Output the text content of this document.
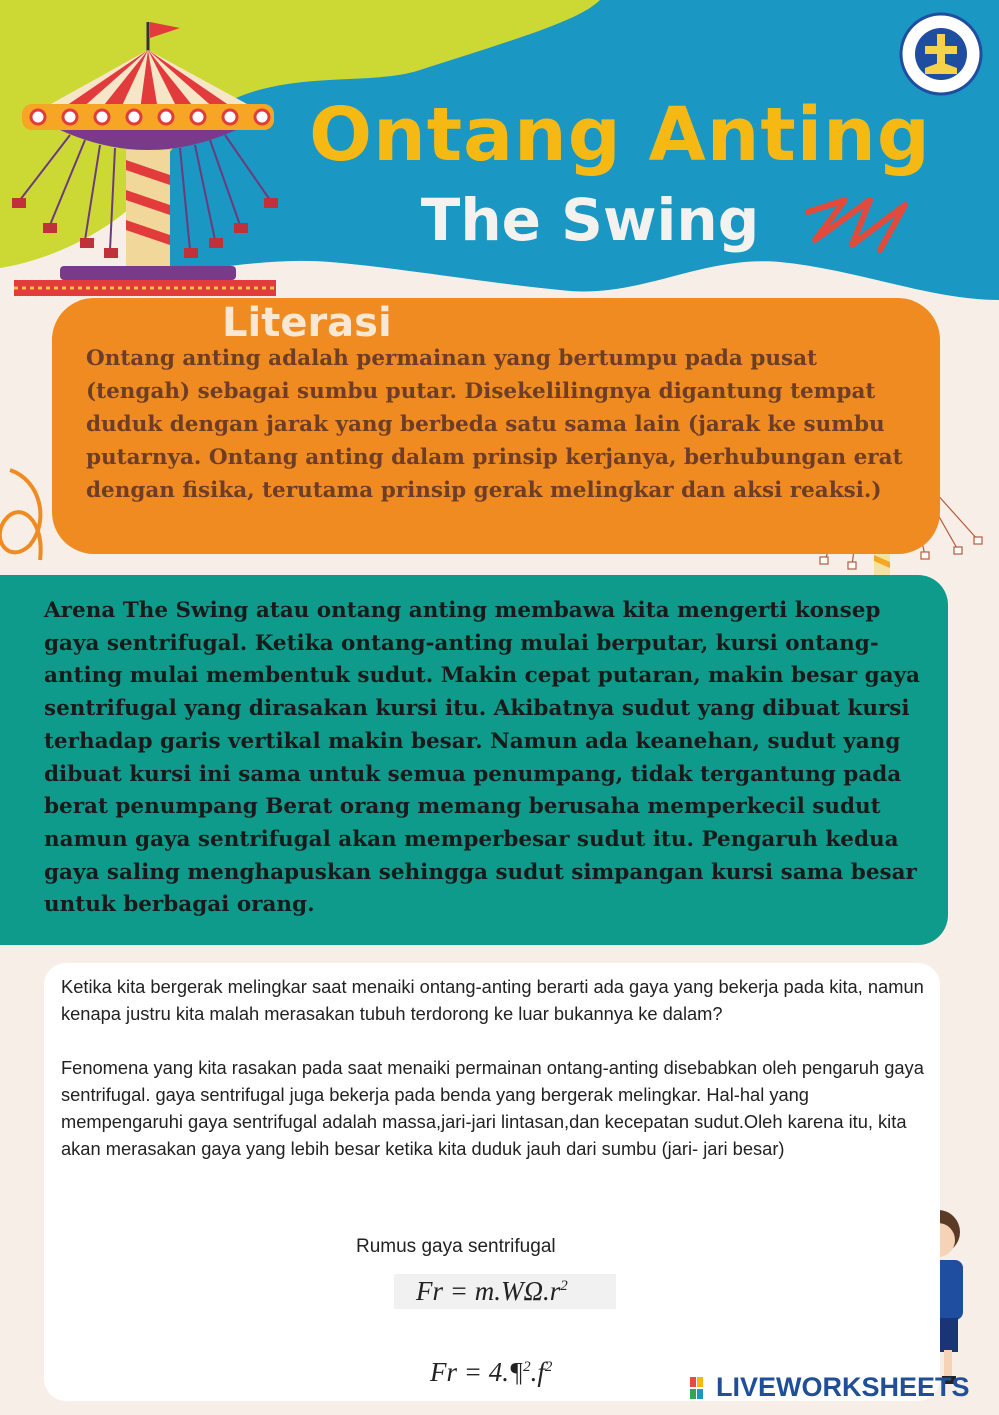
Ontang Anting
The Swing
Literasi
Ontang anting adalah permainan yang bertumpu pada pusat (tengah) sebagai sumbu putar. Disekelilingnya digantung tempat duduk dengan jarak yang berbeda satu sama lain (jarak ke sumbu putarnya. Ontang anting dalam prinsip kerjanya, berhubungan erat dengan fisika, terutama prinsip gerak melingkar dan aksi reaksi.)
Arena The Swing atau ontang anting membawa kita mengerti konsep gaya sentrifugal. Ketika ontang-anting mulai berputar, kursi ontang-anting mulai membentuk sudut. Makin cepat putaran, makin besar gaya sentrifugal yang dirasakan kursi itu. Akibatnya sudut yang dibuat kursi terhadap garis vertikal makin besar. Namun ada keanehan, sudut yang dibuat kursi ini sama untuk semua penumpang, tidak tergantung pada berat penumpang Berat orang memang berusaha memperkecil sudut namun gaya sentrifugal akan memperbesar sudut itu. Pengaruh kedua gaya saling menghapuskan sehingga sudut simpangan kursi sama besar untuk berbagai orang.

Ketika kita bergerak melingkar saat menaiki ontang-anting berarti ada gaya yang bekerja pada kita, namun kenapa justru kita malah merasakan tubuh terdorong ke luar bukannya ke dalam?

Fenomena yang kita rasakan pada saat menaiki permainan ontang-anting disebabkan oleh pengaruh gaya sentrifugal. gaya sentrifugal juga bekerja pada benda yang bergerak melingkar. Hal-hal yang mempengaruhi gaya sentrifugal adalah massa,jari-jari lintasan,dan kecepatan sudut.Oleh karena itu, kita akan merasakan gaya yang lebih besar ketika kita duduk jauh dari sumbu (jari- jari besar)

Rumus gaya sentrifugal
$Fr = m.W\Omega.r^2$
$Fr = 4.\P^2.f^2$
LIVEWORKSHEETS
